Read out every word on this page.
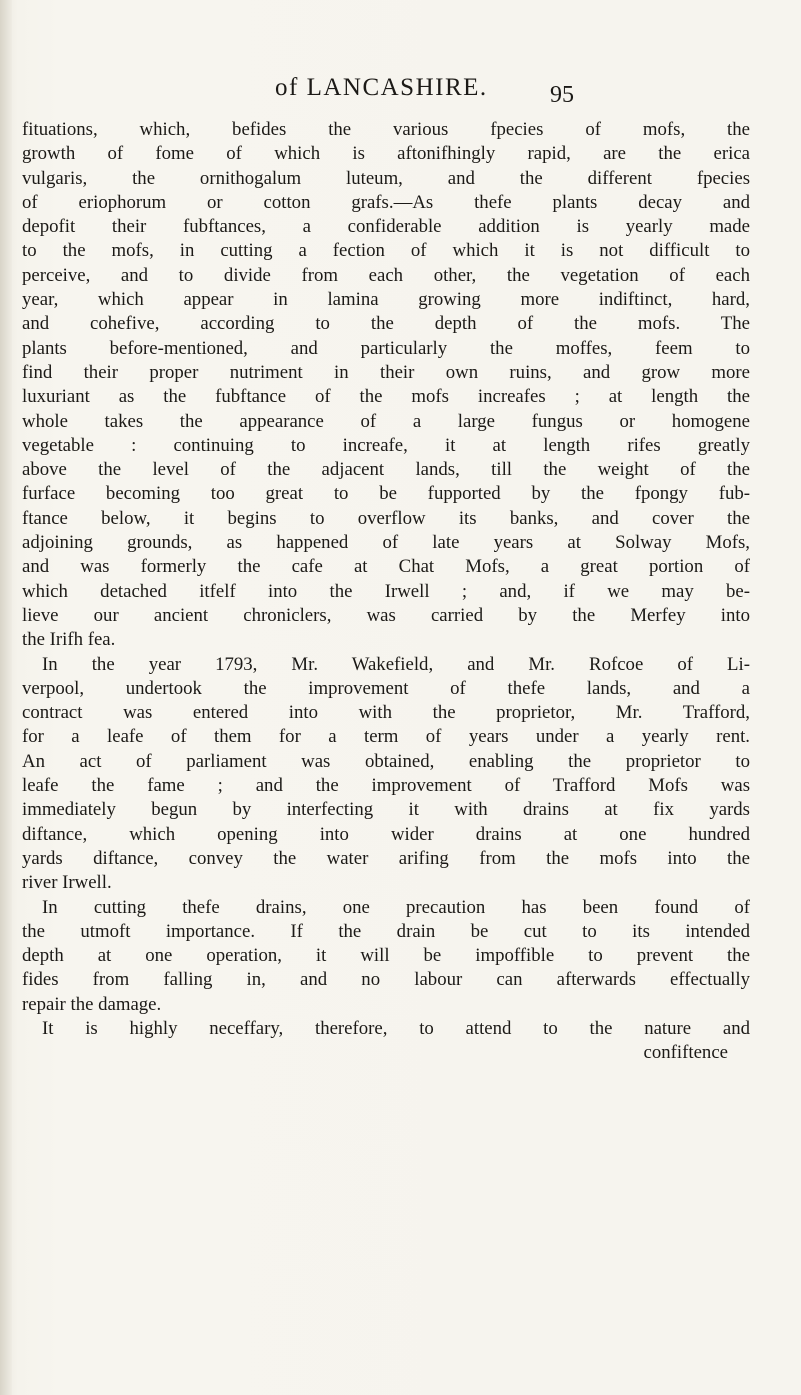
of LANCASHIRE.	95
fituations, which, befides the various fpecies of mofs, the
growth of fome of which is aftonifhingly rapid, are the erica
vulgaris, the ornithogalum luteum, and the different fpecies
of eriophorum or cotton grafs.—As thefe plants decay and
depofit their fubftances, a confiderable addition is yearly made
to the mofs, in cutting a fection of which it is not difficult to
perceive, and to divide from each other, the vegetation of each
year, which appear in lamina growing more indiftinct, hard,
and cohefive, according to the depth of the mofs. The
plants before-mentioned, and particularly the moffes, feem to
find their proper nutriment in their own ruins, and grow more
luxuriant as the fubftance of the mofs increafes ; at length the
whole takes the appearance of a large fungus or homogene
vegetable : continuing to increafe, it at length rifes greatly
above the level of the adjacent lands, till the weight of the
furface becoming too great to be fupported by the fpongy fub-
ftance below, it begins to overflow its banks, and cover the
adjoining grounds, as happened of late years at Solway Mofs,
and was formerly the cafe at Chat Mofs, a great portion of
which detached itfelf into the Irwell ; and, if we may be-
lieve our ancient chroniclers, was carried by the Merfey into
the Irifh fea.
In the year 1793, Mr. Wakefield, and Mr. Rofcoe of Li-
verpool, undertook the improvement of thefe lands, and a
contract was entered into with the proprietor, Mr. Trafford,
for a leafe of them for a term of years under a yearly rent.
An act of parliament was obtained, enabling the proprietor to
leafe the fame ; and the improvement of Trafford Mofs was
immediately begun by interfecting it with drains at fix yards
diftance, which opening into wider drains at one hundred
yards diftance, convey the water arifing from the mofs into the
river Irwell.
In cutting thefe drains, one precaution has been found of
the utmoft importance. If the drain be cut to its intended
depth at one operation, it will be impoffible to prevent the
fides from falling in, and no labour can afterwards effectually
repair the damage.
It is highly neceffary, therefore, to attend to the nature and
confiftence
